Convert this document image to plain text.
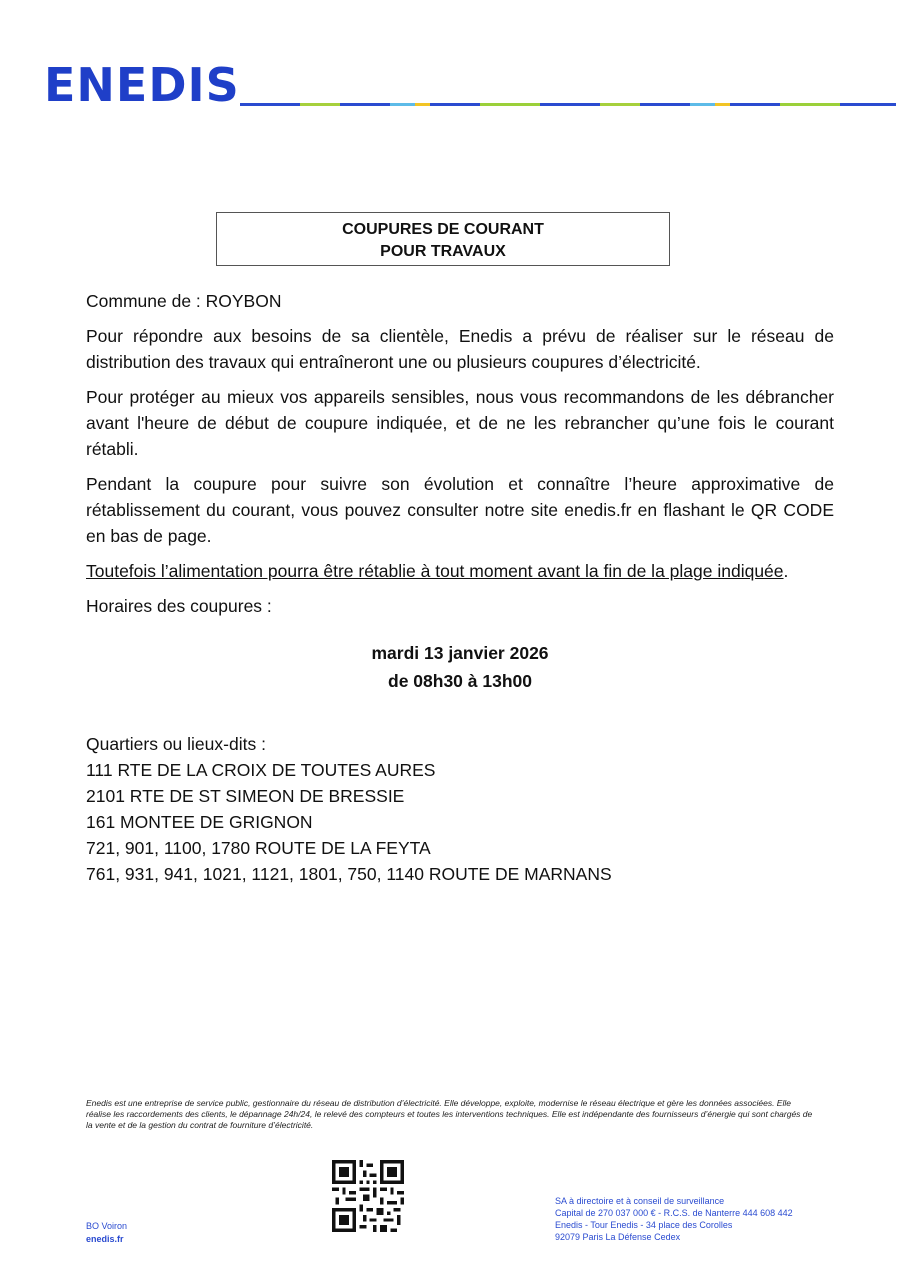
ENEDIS
COUPURES DE COURANT
POUR TRAVAUX

Commune de : ROYBON

Pour répondre aux besoins de sa clientèle, Enedis a prévu de réaliser sur le réseau de distribution des travaux qui entraîneront une ou plusieurs coupures d’électricité.

Pour protéger au mieux vos appareils sensibles, nous vous recommandons de les débrancher avant l'heure de début de coupure indiquée, et de ne les rebrancher qu’une fois le courant rétabli.

Pendant la coupure pour suivre son évolution et connaître l’heure approximative de rétablissement du courant, vous pouvez consulter notre site enedis.fr en flashant le QR CODE en bas de page.

Toutefois l’alimentation pourra être rétablie à tout moment avant la fin de la plage indiquée.

Horaires des coupures :

mardi 13 janvier 2026
de 08h30 à 13h00
Quartiers ou lieux-dits :
111 RTE DE LA CROIX DE TOUTES AURES
2101 RTE DE ST SIMEON DE BRESSIE
161 MONTEE DE GRIGNON
721, 901, 1100, 1780 ROUTE DE LA FEYTA
761, 931, 941, 1021, 1121, 1801, 750, 1140 ROUTE DE MARNANS
Enedis est une entreprise de service public, gestionnaire du réseau de distribution d’électricité. Elle développe, exploite, modernise le réseau électrique et gère les données associées. Elle réalise les raccordements des clients, le dépannage 24h/24, le relevé des compteurs et toutes les interventions techniques. Elle est indépendante des fournisseurs d’énergie qui sont chargés de la vente et de la gestion du contrat de fourniture d’électricité.
BO Voiron
enedis.fr
SA à directoire et à conseil de surveillance
Capital de 270 037 000 € - R.C.S. de Nanterre 444 608 442
Enedis - Tour Enedis - 34 place des Corolles
92079 Paris La Défense Cedex
